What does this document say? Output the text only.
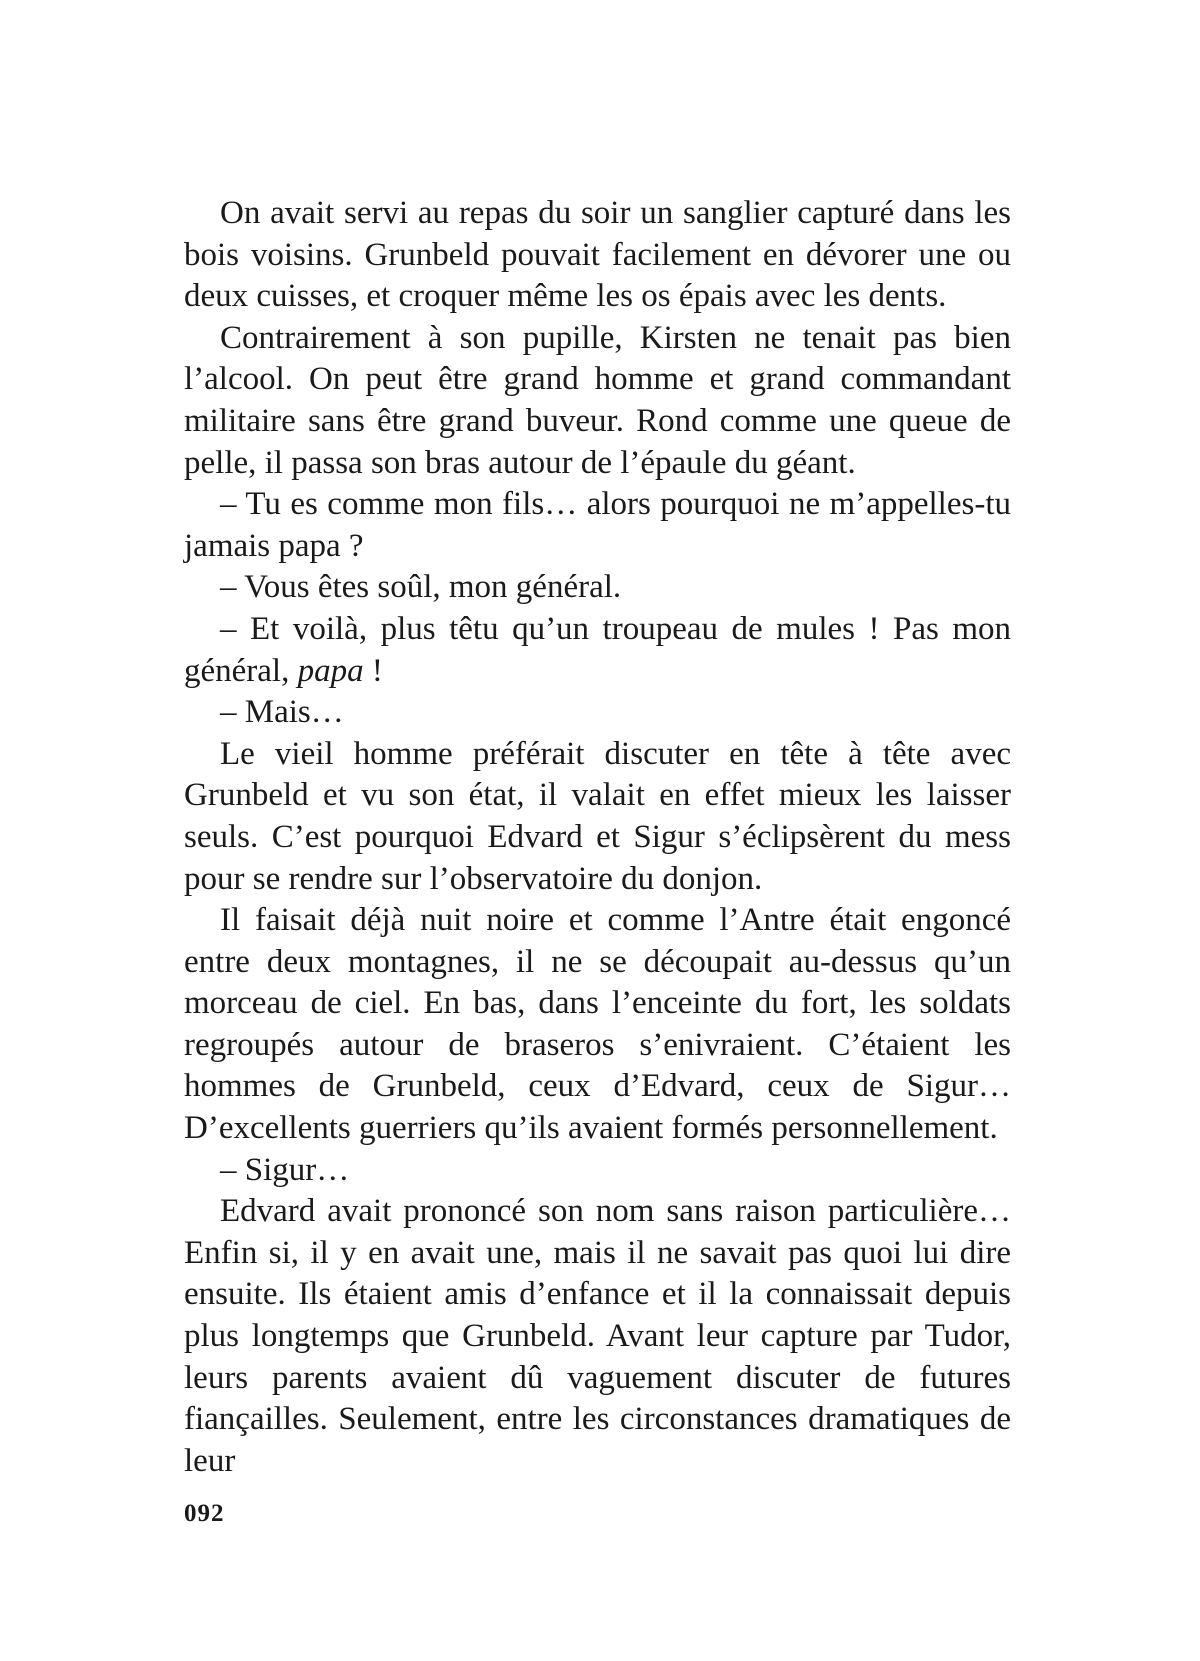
On avait servi au repas du soir un sanglier capturé dans les bois voisins. Grunbeld pouvait facilement en dévorer une ou deux cuisses, et croquer même les os épais avec les dents.

Contrairement à son pupille, Kirsten ne tenait pas bien l’alcool. On peut être grand homme et grand commandant militaire sans être grand buveur. Rond comme une queue de pelle, il passa son bras autour de l’épaule du géant.

– Tu es comme mon fils… alors pourquoi ne m’appelles-tu jamais papa ?

– Vous êtes soûl, mon général.

– Et voilà, plus têtu qu’un troupeau de mules ! Pas mon général, papa !

– Mais…

Le vieil homme préférait discuter en tête à tête avec Grunbeld et vu son état, il valait en effet mieux les laisser seuls. C’est pourquoi Edvard et Sigur s’éclipsèrent du mess pour se rendre sur l’observatoire du donjon.

Il faisait déjà nuit noire et comme l’Antre était engoncé entre deux montagnes, il ne se découpait au-dessus qu’un morceau de ciel. En bas, dans l’enceinte du fort, les soldats regroupés autour de braseros s’enivraient. C’étaient les hommes de Grunbeld, ceux d’Edvard, ceux de Sigur… D’excellents guerriers qu’ils avaient formés personnellement.

– Sigur…

Edvard avait prononcé son nom sans raison particulière… Enfin si, il y en avait une, mais il ne savait pas quoi lui dire ensuite. Ils étaient amis d’enfance et il la connaissait depuis plus longtemps que Grunbeld. Avant leur capture par Tudor, leurs parents avaient dû vaguement discuter de futures fiançailles. Seulement, entre les circonstances dramatiques de leur

092
